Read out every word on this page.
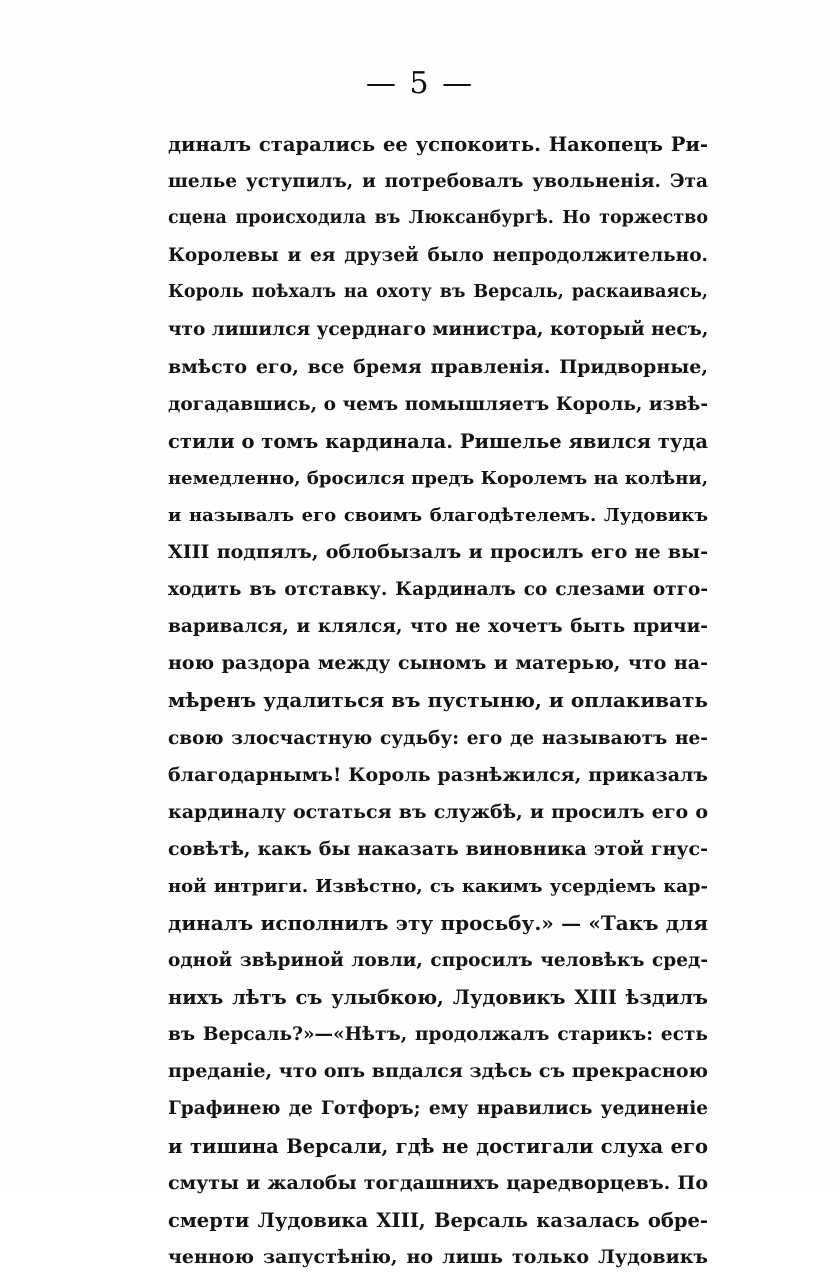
— 5 —
диналъ старались ее успокоить. Накопецъ Ри-
шелье уступилъ, и потребовалъ увольненія. Эта
сцена происходила въ Люксанбургѣ. Но торжество
Королевы и ея друзей было непродолжительно.
Король поѣхалъ на охоту въ Версаль, раскаиваясь,
что лишился усерднаго министра, который несъ,
вмѣсто его, все бремя правленія. Придворные,
догадавшись, о чемъ помышляетъ Король, извѣ-
стили о томъ кардинала. Ришелье явился туда
немедленно, бросился предъ Королемъ на колѣни,
и называлъ его своимъ благодѣтелемъ. Лудовикъ
XIII подпялъ, облобызалъ и просилъ его не вы-
ходить въ отставку. Кардиналъ со слезами отго-
варивался, и клялся, что не хочетъ быть причи-
ною раздора между сыномъ и матерью, что на-
мѣренъ удалиться въ пустыню, и оплакивать
свою злосчастную судьбу: его де называютъ не-
благодарнымъ! Король разнѣжился, приказалъ
кардиналу остаться въ службѣ, и просилъ его о
совѣтѣ, какъ бы наказать виновника этой гнус-
ной интриги. Извѣстно, съ какимъ усердіемъ кар-
диналъ исполнилъ эту просьбу.» — «Такъ для
одной звѣриной ловли, спросилъ человѣкъ сред-
нихъ лѣтъ съ улыбкою, Лудовикъ XIII ѣздилъ
въ Версаль?»—«Нѣтъ, продолжалъ старикъ: есть
преданіе, что опъ впдался здѣсь съ прекрасною
Графинею де Готфоръ; ему нравились уединеніе
и тишина Версали, гдѣ не достигали слуха его
смуты и жалобы тогдашнихъ царедворцевъ. По
смерти Лудовика XIII, Версаль казалась обре-
ченною запустѣнію, но лишь только Лудовикъ
